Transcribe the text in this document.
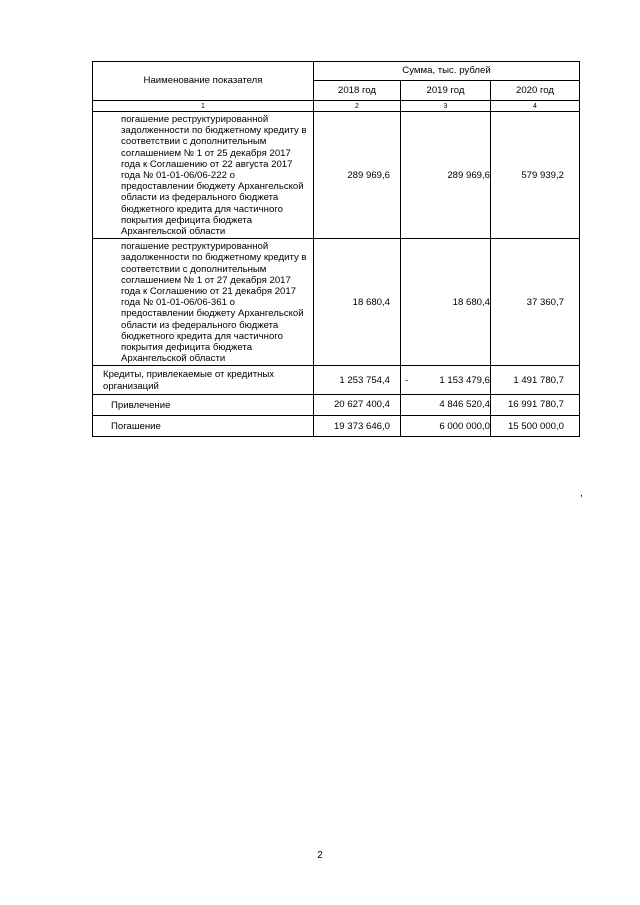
Наименование показателя	Сумма, тыс. рублей		
	2018 год	2019 год	2020 год
1	2	3	4
погашение реструктурированной задолженности по бюджетному кредиту в соответствии с дополнительным соглашением № 1 от 25 декабря 2017 года к Соглашению от 22 августа 2017 года № 01-01-06/06-222 о предоставлении бюджету Архангельской области из федерального бюджета бюджетного кредита для частичного покрытия дефицита бюджета Архангельской области	289 969,6	289 969,6	579 939,2
погашение реструктурированной задолженности по бюджетному кредиту в соответствии с дополнительным соглашением № 1 от 27 декабря 2017 года к Соглашению от 21 декабря 2017 года № 01-01-06/06-361 о предоставлении бюджету Архангельской области из федерального бюджета бюджетного кредита для частичного покрытия дефицита бюджета Архангельской области	18 680,4	18 680,4	37 360,7
Кредиты, привлекаемые от кредитных организаций	1 253 754,4	- 1 153 479,6	1 491 780,7
Привлечение	20 627 400,4	4 846 520,4	16 991 780,7
Погашение	19 373 646,0	6 000 000,0	15 500 000,0
,
2
